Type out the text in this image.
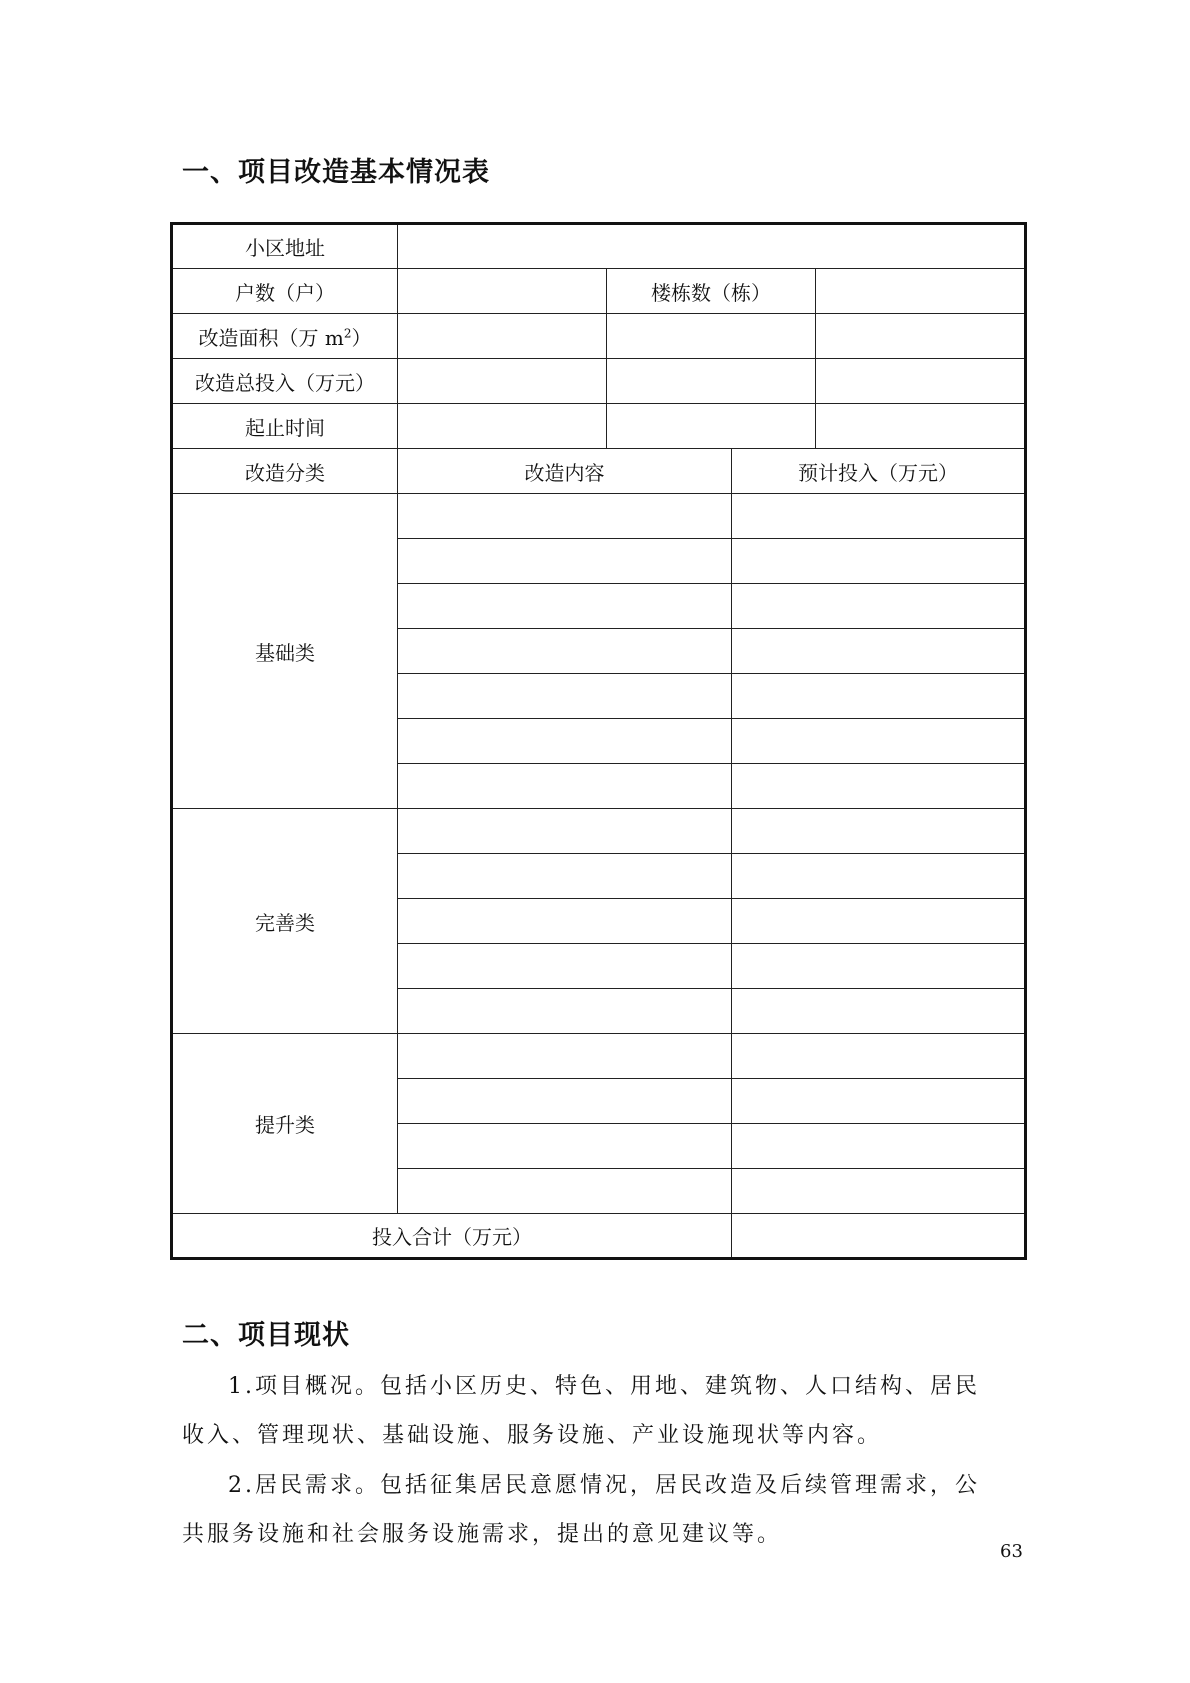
一、项目改造基本情况表
小区地址				
户数（户）		楼栋数（栋）		
改造面积（万 $m^2$）				
改造总投入（万元）				
起止时间				
改造分类	改造内容		预计投入（万元）	
基础类				

完善类				

提升类				

投入合计（万元）				
二、项目现状

1.项目概况。包括小区历史、特色、用地、建筑物、人口结构、居民收入、管理现状、基础设施、服务设施、产业设施现状等内容。

2.居民需求。包括征集居民意愿情况，居民改造及后续管理需求，公共服务设施和社会服务设施需求，提出的意见建议等。

63
